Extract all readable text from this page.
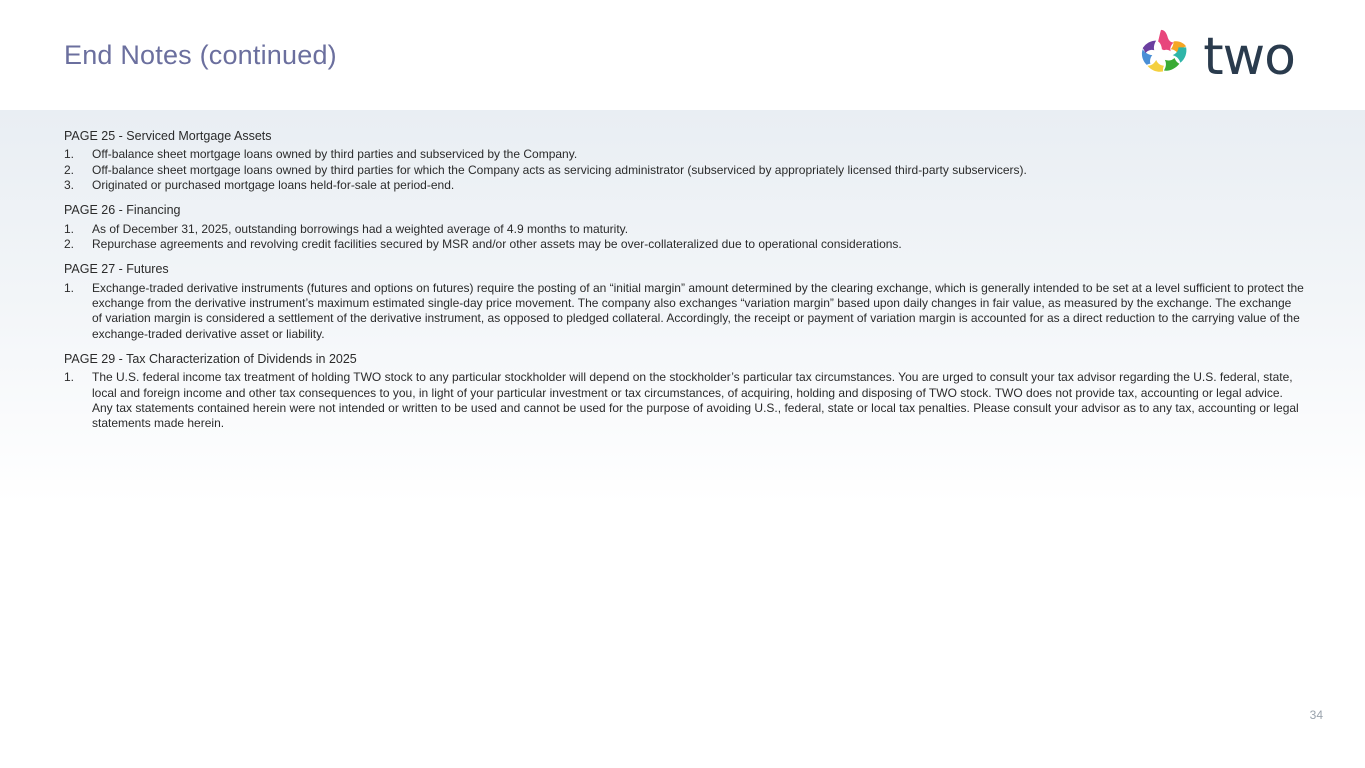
End Notes (continued)	two
PAGE 25 - Serviced Mortgage Assets
1.	Off-balance sheet mortgage loans owned by third parties and subserviced by the Company.
2.	Off-balance sheet mortgage loans owned by third parties for which the Company acts as servicing administrator (subserviced by appropriately licensed third-party subservicers).
3.	Originated or purchased mortgage loans held-for-sale at period-end.
PAGE 26 - Financing
1.	As of December 31, 2025, outstanding borrowings had a weighted average of 4.9 months to maturity.
2.	Repurchase agreements and revolving credit facilities secured by MSR and/or other assets may be over-collateralized due to operational considerations.
PAGE 27 - Futures
1.	Exchange-traded derivative instruments (futures and options on futures) require the posting of an “initial margin” amount determined by the clearing exchange, which is generally intended to be set at a level sufficient to protect the exchange from the derivative instrument’s maximum estimated single-day price movement. The company also exchanges “variation margin” based upon daily changes in fair value, as measured by the exchange. The exchange of variation margin is considered a settlement of the derivative instrument, as opposed to pledged collateral. Accordingly, the receipt or payment of variation margin is accounted for as a direct reduction to the carrying value of the exchange-traded derivative asset or liability.
PAGE 29 - Tax Characterization of Dividends in 2025
1.	The U.S. federal income tax treatment of holding TWO stock to any particular stockholder will depend on the stockholder’s particular tax circumstances. You are urged to consult your tax advisor regarding the U.S. federal, state, local and foreign income and other tax consequences to you, in light of your particular investment or tax circumstances, of acquiring, holding and disposing of TWO stock. TWO does not provide tax, accounting or legal advice. Any tax statements contained herein were not intended or written to be used and cannot be used for the purpose of avoiding U.S., federal, state or local tax penalties. Please consult your advisor as to any tax, accounting or legal statements made herein.
34
